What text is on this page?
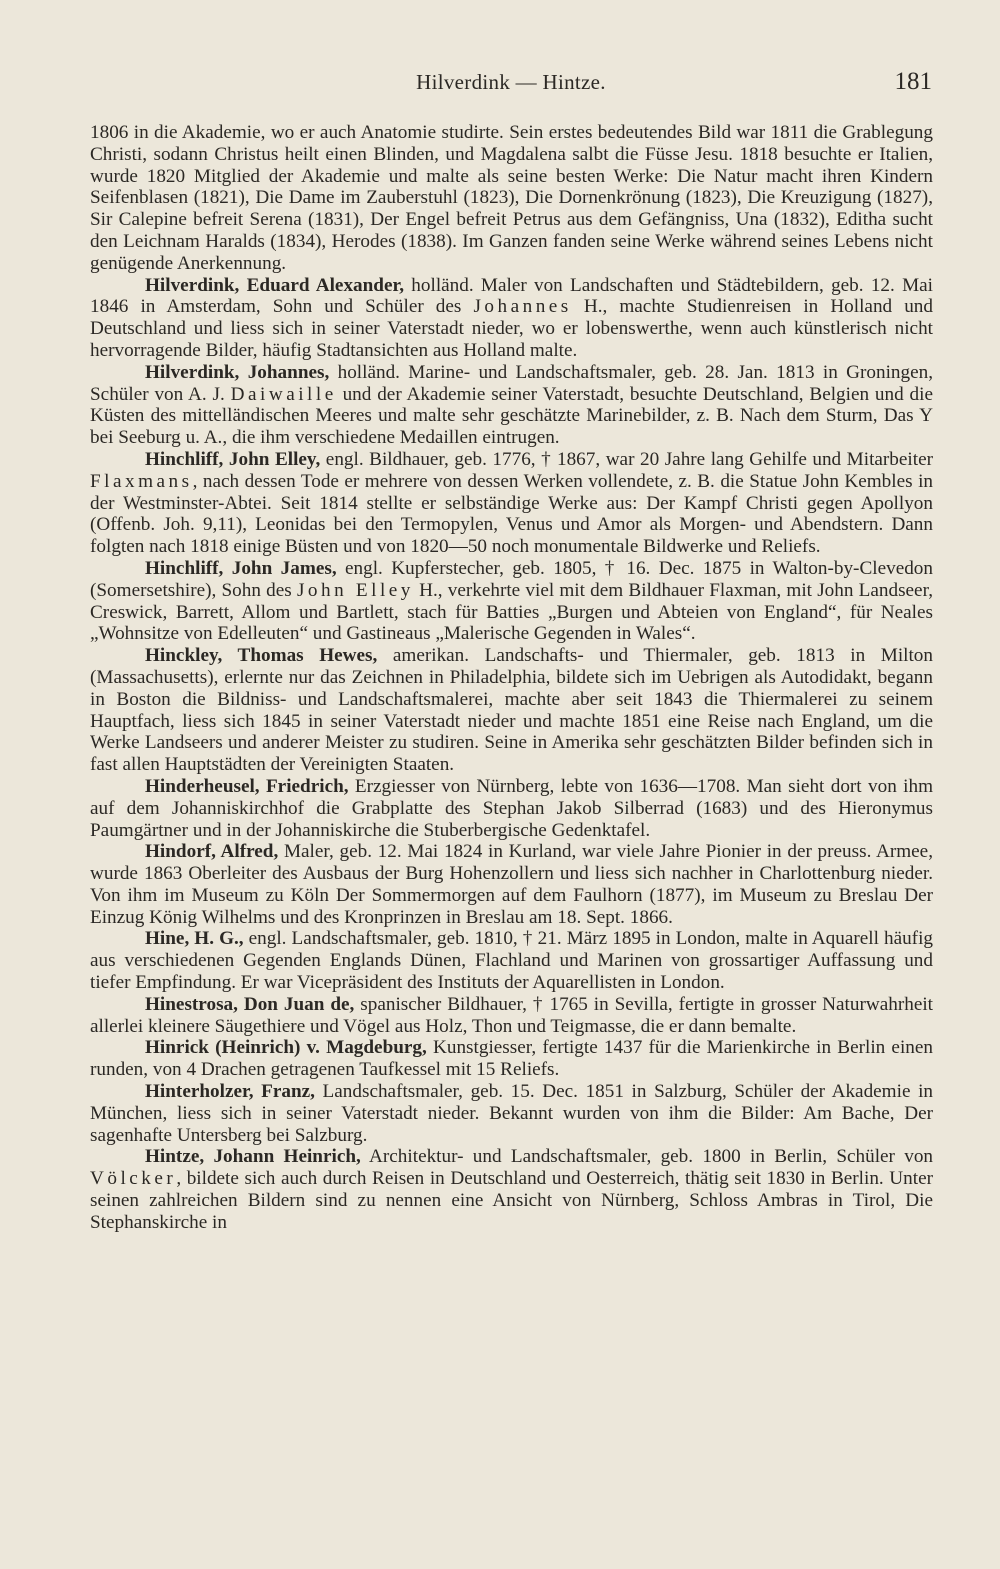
Hilverdink — Hintze.	181

1806 in die Akademie, wo er auch Anatomie studirte. Sein erstes bedeutendes Bild war 1811 die Grablegung Christi, sodann Christus heilt einen Blinden, und Magdalena salbt die Füsse Jesu. 1818 besuchte er Italien, wurde 1820 Mitglied der Akademie und malte als seine besten Werke: Die Natur macht ihren Kindern Seifenblasen (1821), Die Dame im Zauberstuhl (1823), Die Dornenkrönung (1823), Die Kreuzigung (1827), Sir Calepine befreit Serena (1831), Der Engel befreit Petrus aus dem Gefängniss, Una (1832), Editha sucht den Leichnam Haralds (1834), Herodes (1838). Im Ganzen fanden seine Werke während seines Lebens nicht genügende Anerkennung.

Hilverdink, Eduard Alexander, holländ. Maler von Landschaften und Städtebildern, geb. 12. Mai 1846 in Amsterdam, Sohn und Schüler des Johannes H., machte Studienreisen in Holland und Deutschland und liess sich in seiner Vaterstadt nieder, wo er lobenswerthe, wenn auch künstlerisch nicht hervorragende Bilder, häufig Stadtansichten aus Holland malte.

Hilverdink, Johannes, holländ. Marine- und Landschaftsmaler, geb. 28. Jan. 1813 in Groningen, Schüler von A. J. Daiwaille und der Akademie seiner Vaterstadt, besuchte Deutschland, Belgien und die Küsten des mittelländischen Meeres und malte sehr geschätzte Marinebilder, z. B. Nach dem Sturm, Das Y bei Seeburg u. A., die ihm verschiedene Medaillen eintrugen.

Hinchliff, John Elley, engl. Bildhauer, geb. 1776, † 1867, war 20 Jahre lang Gehilfe und Mitarbeiter Flaxmans, nach dessen Tode er mehrere von dessen Werken vollendete, z. B. die Statue John Kembles in der Westminster-Abtei. Seit 1814 stellte er selbständige Werke aus: Der Kampf Christi gegen Apollyon (Offenb. Joh. 9,11), Leonidas bei den Termopylen, Venus und Amor als Morgen- und Abendstern. Dann folgten nach 1818 einige Büsten und von 1820—50 noch monumentale Bildwerke und Reliefs.

Hinchliff, John James, engl. Kupferstecher, geb. 1805, † 16. Dec. 1875 in Walton-by-Clevedon (Somersetshire), Sohn des John Elley H., verkehrte viel mit dem Bildhauer Flaxman, mit John Landseer, Creswick, Barrett, Allom und Bartlett, stach für Batties „Burgen und Abteien von England“, für Neales „Wohnsitze von Edelleuten“ und Gastineaus „Malerische Gegenden in Wales“.

Hinckley, Thomas Hewes, amerikan. Landschafts- und Thiermaler, geb. 1813 in Milton (Massachusetts), erlernte nur das Zeichnen in Philadelphia, bildete sich im Uebrigen als Autodidakt, begann in Boston die Bildniss- und Landschaftsmalerei, machte aber seit 1843 die Thiermalerei zu seinem Hauptfach, liess sich 1845 in seiner Vaterstadt nieder und machte 1851 eine Reise nach England, um die Werke Landseers und anderer Meister zu studiren. Seine in Amerika sehr geschätzten Bilder befinden sich in fast allen Hauptstädten der Vereinigten Staaten.

Hinderheusel, Friedrich, Erzgiesser von Nürnberg, lebte von 1636—1708. Man sieht dort von ihm auf dem Johanniskirchhof die Grabplatte des Stephan Jakob Silberrad (1683) und des Hieronymus Paumgärtner und in der Johanniskirche die Stuberbergische Gedenktafel.

Hindorf, Alfred, Maler, geb. 12. Mai 1824 in Kurland, war viele Jahre Pionier in der preuss. Armee, wurde 1863 Oberleiter des Ausbaus der Burg Hohenzollern und liess sich nachher in Charlottenburg nieder. Von ihm im Museum zu Köln Der Sommermorgen auf dem Faulhorn (1877), im Museum zu Breslau Der Einzug König Wilhelms und des Kronprinzen in Breslau am 18. Sept. 1866.

Hine, H. G., engl. Landschaftsmaler, geb. 1810, † 21. März 1895 in London, malte in Aquarell häufig aus verschiedenen Gegenden Englands Dünen, Flachland und Marinen von grossartiger Auffassung und tiefer Empfindung. Er war Vicepräsident des Instituts der Aquarellisten in London.

Hinestrosa, Don Juan de, spanischer Bildhauer, † 1765 in Sevilla, fertigte in grosser Naturwahrheit allerlei kleinere Säugethiere und Vögel aus Holz, Thon und Teigmasse, die er dann bemalte.

Hinrick (Heinrich) v. Magdeburg, Kunstgiesser, fertigte 1437 für die Marienkirche in Berlin einen runden, von 4 Drachen getragenen Taufkessel mit 15 Reliefs.

Hinterholzer, Franz, Landschaftsmaler, geb. 15. Dec. 1851 in Salzburg, Schüler der Akademie in München, liess sich in seiner Vaterstadt nieder. Bekannt wurden von ihm die Bilder: Am Bache, Der sagenhafte Untersberg bei Salzburg.

Hintze, Johann Heinrich, Architektur- und Landschaftsmaler, geb. 1800 in Berlin, Schüler von Völcker, bildete sich auch durch Reisen in Deutschland und Oesterreich, thätig seit 1830 in Berlin. Unter seinen zahlreichen Bildern sind zu nennen eine Ansicht von Nürnberg, Schloss Ambras in Tirol, Die Stephanskirche in
